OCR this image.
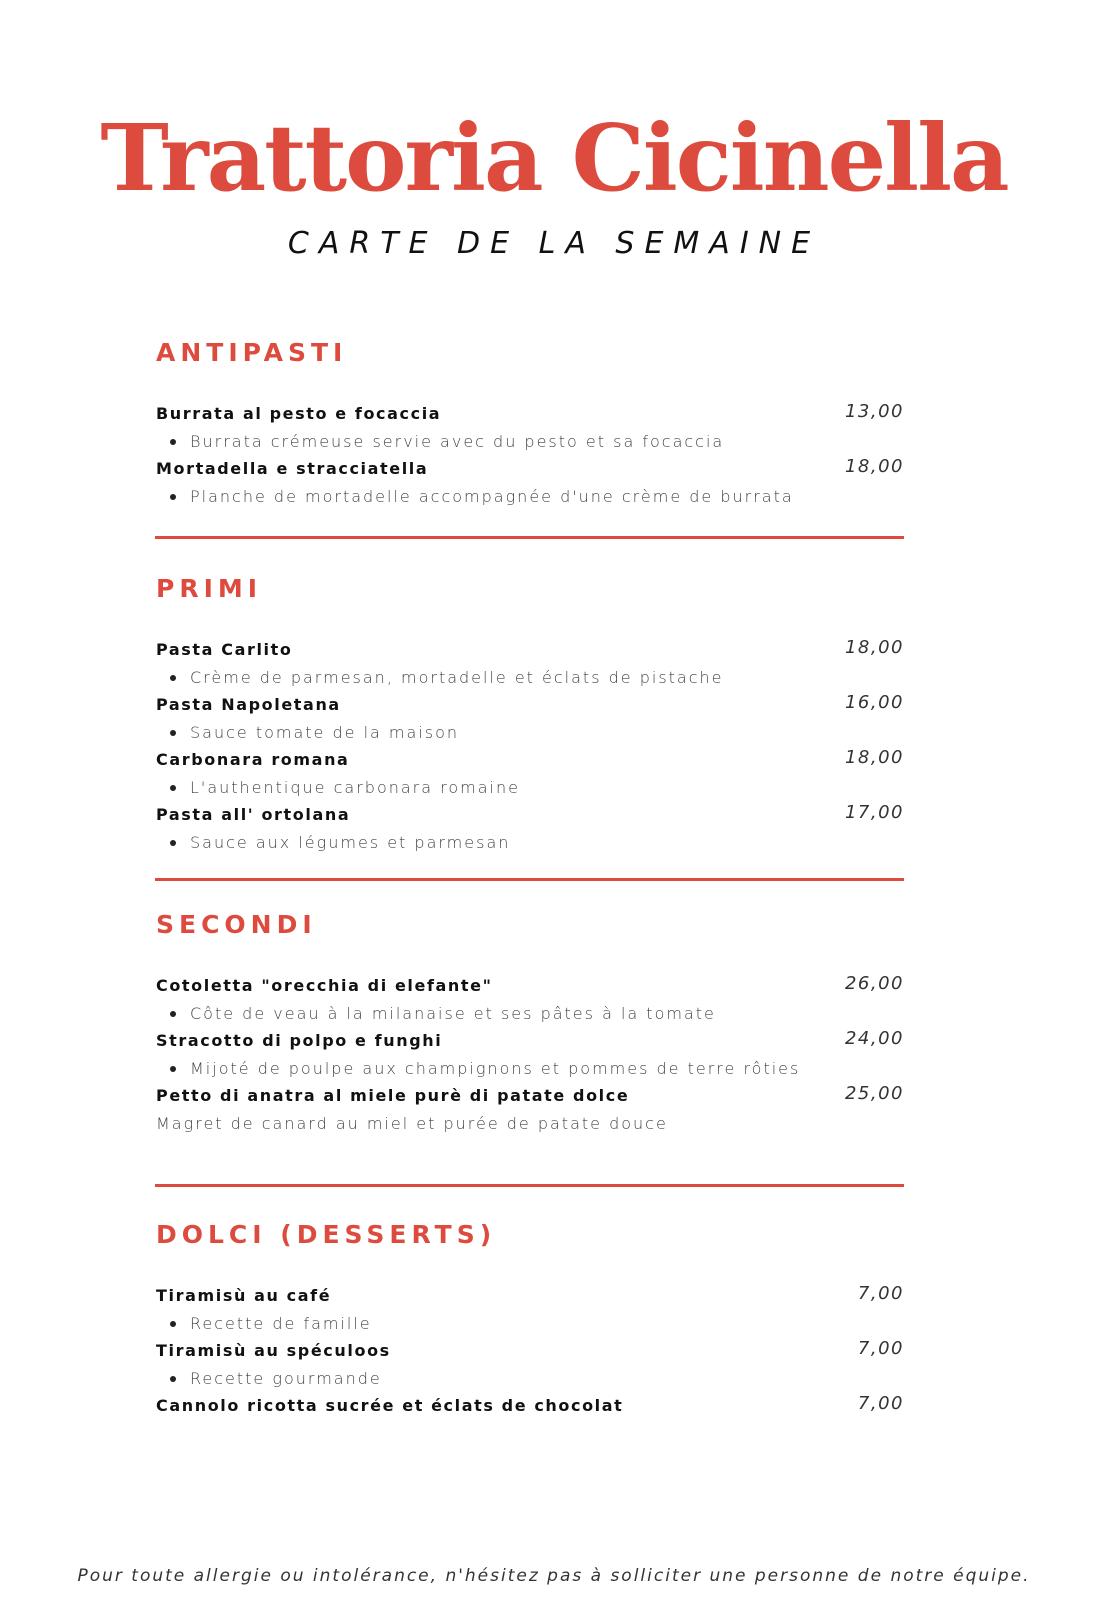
Trattoria Cicinella
CARTE DE LA SEMAINE
ANTIPASTI
Burrata al pesto e focaccia	13,00
Burrata crémeuse servie avec du pesto et sa focaccia
Mortadella e stracciatella	18,00
Planche de mortadelle accompagnée d'une crème de burrata
PRIMI
Pasta Carlito	18,00
Crème de parmesan, mortadelle et éclats de pistache
Pasta Napoletana	16,00
Sauce tomate de la maison
Carbonara romana	18,00
L'authentique carbonara romaine
Pasta all' ortolana	17,00
Sauce aux légumes et parmesan
SECONDI
Cotoletta "orecchia di elefante"	26,00
Côte de veau à la milanaise et ses pâtes à la tomate
Stracotto di polpo e funghi	24,00
Mijoté de poulpe aux champignons et pommes de terre rôties
Petto di anatra al miele purè di patate dolce	25,00
Magret de canard au miel et purée de patate douce
DOLCI (DESSERTS)
Tiramisù au café	7,00
Recette de famille
Tiramisù au spéculoos	7,00
Recette gourmande
Cannolo ricotta sucrée et éclats de chocolat	7,00
Pour toute allergie ou intolérance, n'hésitez pas à solliciter une personne de notre équipe.
